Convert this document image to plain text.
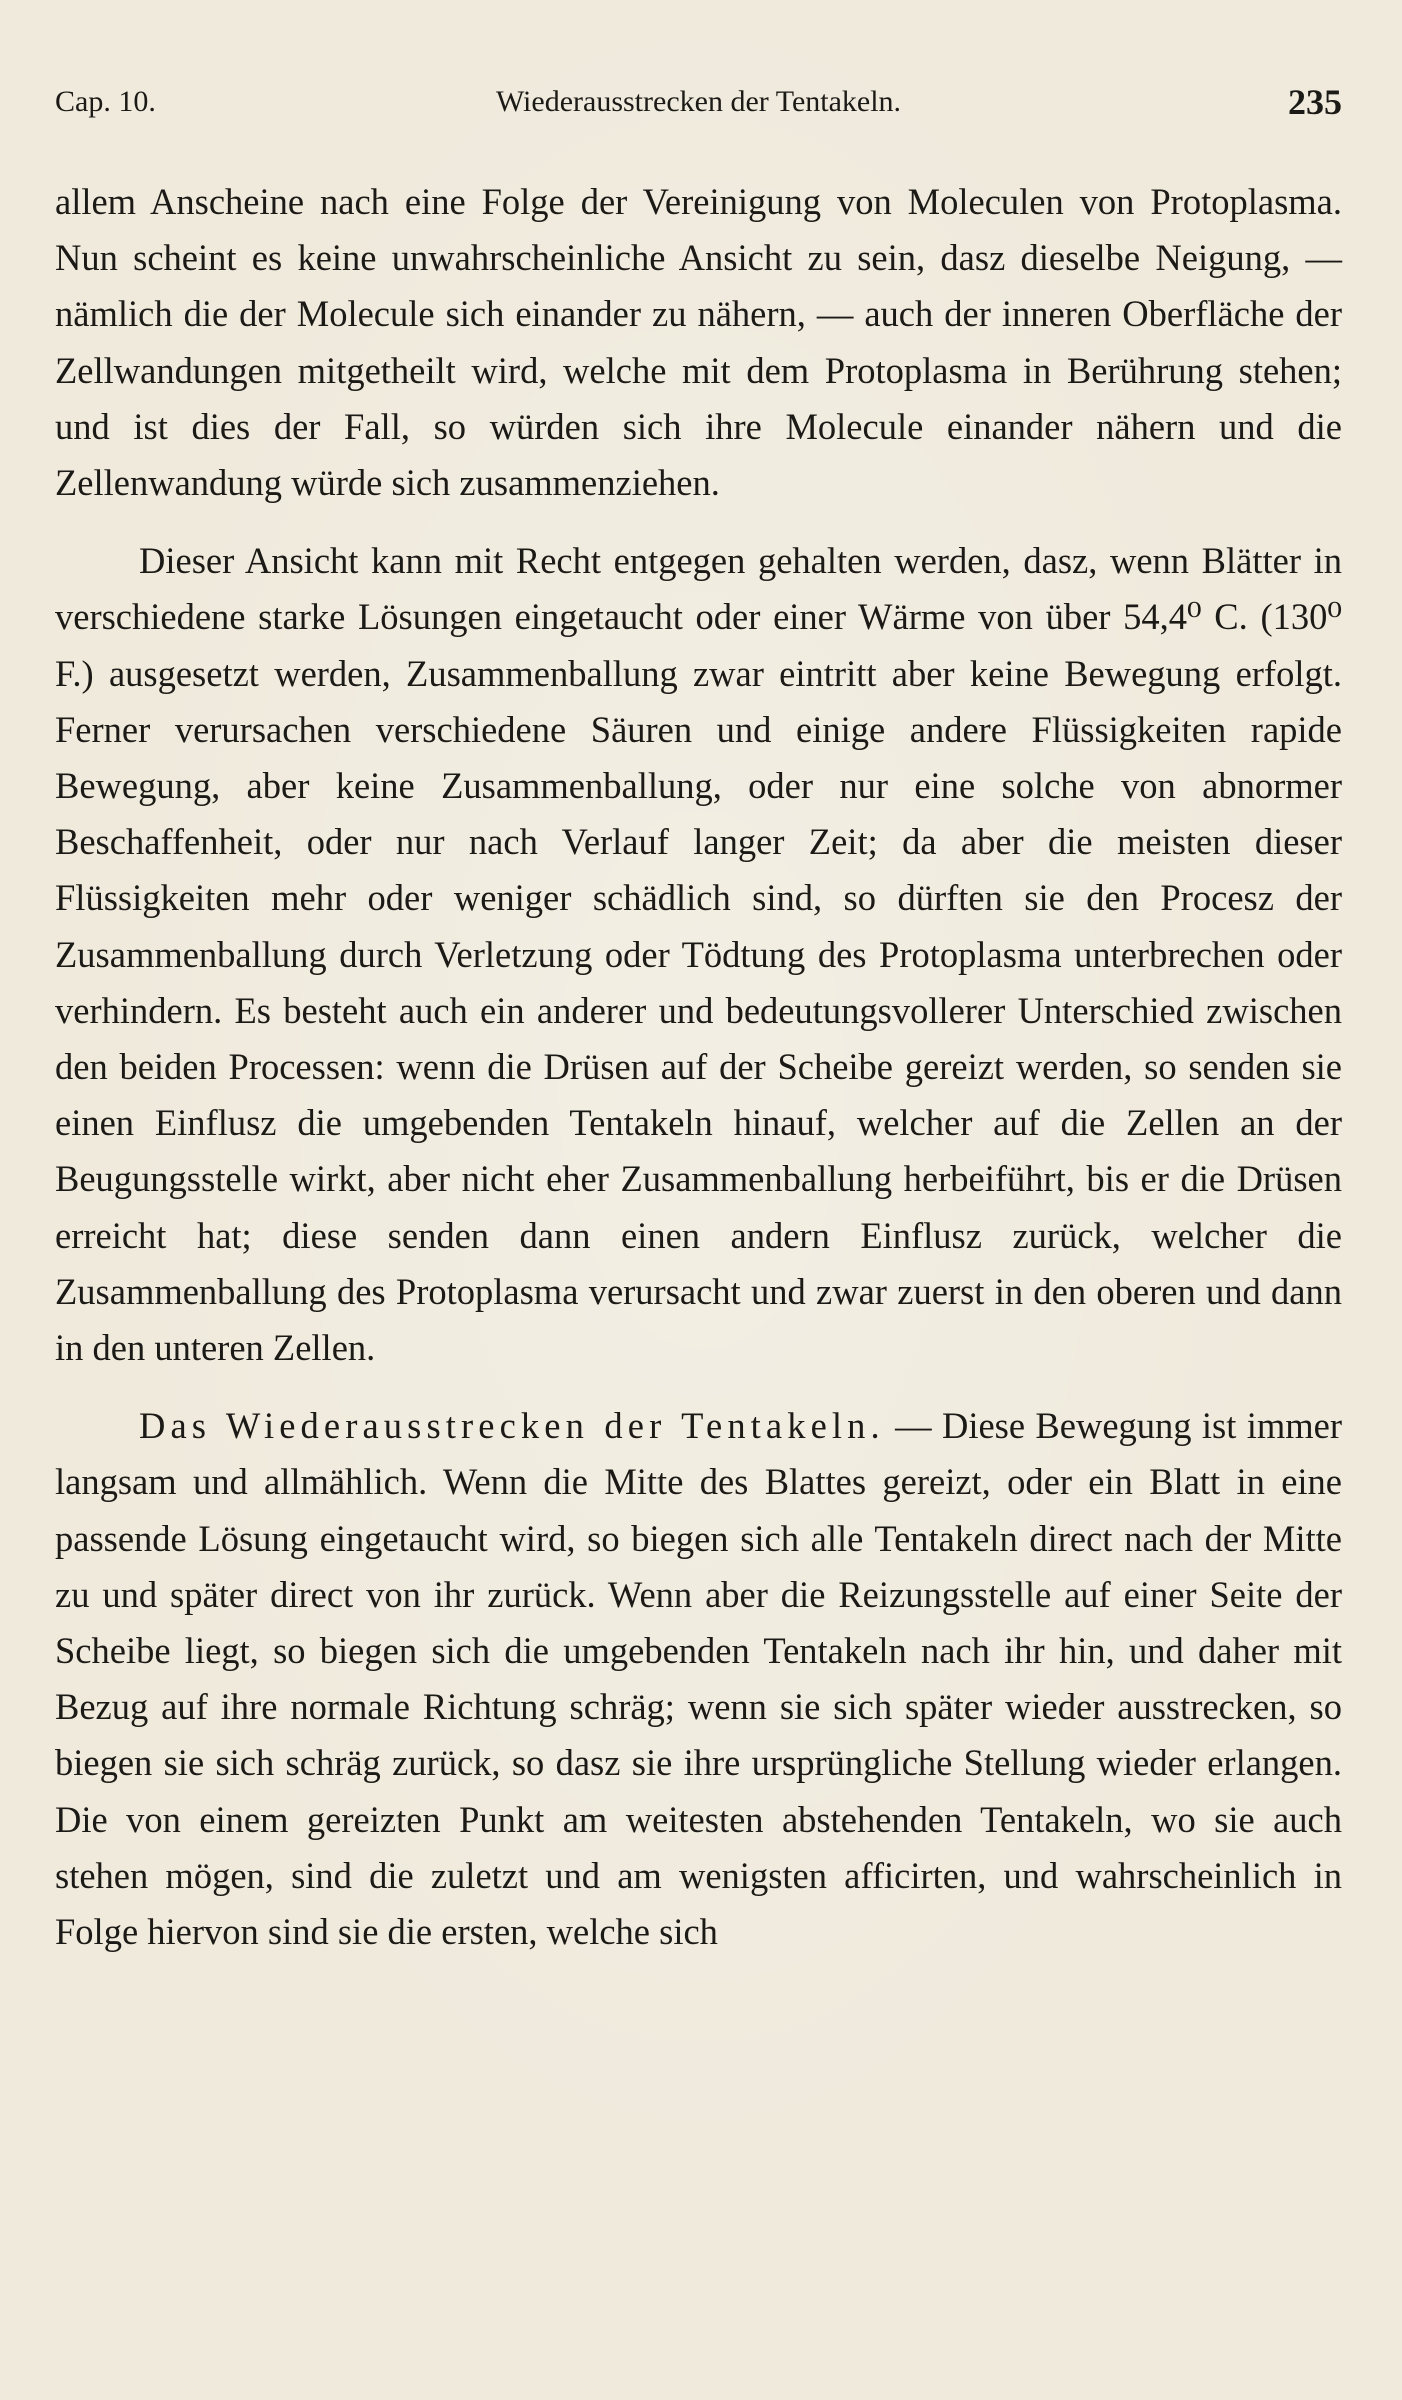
Cap. 10.	Wiederausstrecken der Tentakeln.	235

allem Anscheine nach eine Folge der Vereinigung von Moleculen von Protoplasma. Nun scheint es keine unwahrscheinliche Ansicht zu sein, dasz dieselbe Neigung, — nämlich die der Molecule sich einander zu nähern, — auch der inneren Oberfläche der Zellwandungen mitgetheilt wird, welche mit dem Protoplasma in Berührung stehen; und ist dies der Fall, so würden sich ihre Molecule einander nähern und die Zellenwandung würde sich zusammenziehen.

Dieser Ansicht kann mit Recht entgegen gehalten werden, dasz, wenn Blätter in verschiedene starke Lösungen eingetaucht oder einer Wärme von über 54,4⁰ C. (130⁰ F.) ausgesetzt werden, Zusammenballung zwar eintritt aber keine Bewegung erfolgt. Ferner verursachen verschiedene Säuren und einige andere Flüssigkeiten rapide Bewegung, aber keine Zusammenballung, oder nur eine solche von abnormer Beschaffenheit, oder nur nach Verlauf langer Zeit; da aber die meisten dieser Flüssigkeiten mehr oder weniger schädlich sind, so dürften sie den Procesz der Zusammenballung durch Verletzung oder Tödtung des Protoplasma unterbrechen oder verhindern. Es besteht auch ein anderer und bedeutungsvollerer Unterschied zwischen den beiden Processen: wenn die Drüsen auf der Scheibe gereizt werden, so senden sie einen Einflusz die umgebenden Tentakeln hinauf, welcher auf die Zellen an der Beugungsstelle wirkt, aber nicht eher Zusammenballung herbeiführt, bis er die Drüsen erreicht hat; diese senden dann einen andern Einflusz zurück, welcher die Zusammenballung des Protoplasma verursacht und zwar zuerst in den oberen und dann in den unteren Zellen.

Das Wiederausstrecken der Tentakeln. — Diese Bewegung ist immer langsam und allmählich. Wenn die Mitte des Blattes gereizt, oder ein Blatt in eine passende Lösung eingetaucht wird, so biegen sich alle Tentakeln direct nach der Mitte zu und später direct von ihr zurück. Wenn aber die Reizungsstelle auf einer Seite der Scheibe liegt, so biegen sich die umgebenden Tentakeln nach ihr hin, und daher mit Bezug auf ihre normale Richtung schräg; wenn sie sich später wieder ausstrecken, so biegen sie sich schräg zurück, so dasz sie ihre ursprüngliche Stellung wieder erlangen. Die von einem gereizten Punkt am weitesten abstehenden Tentakeln, wo sie auch stehen mögen, sind die zuletzt und am wenigsten afficirten, und wahrscheinlich in Folge hiervon sind sie die ersten, welche sich
